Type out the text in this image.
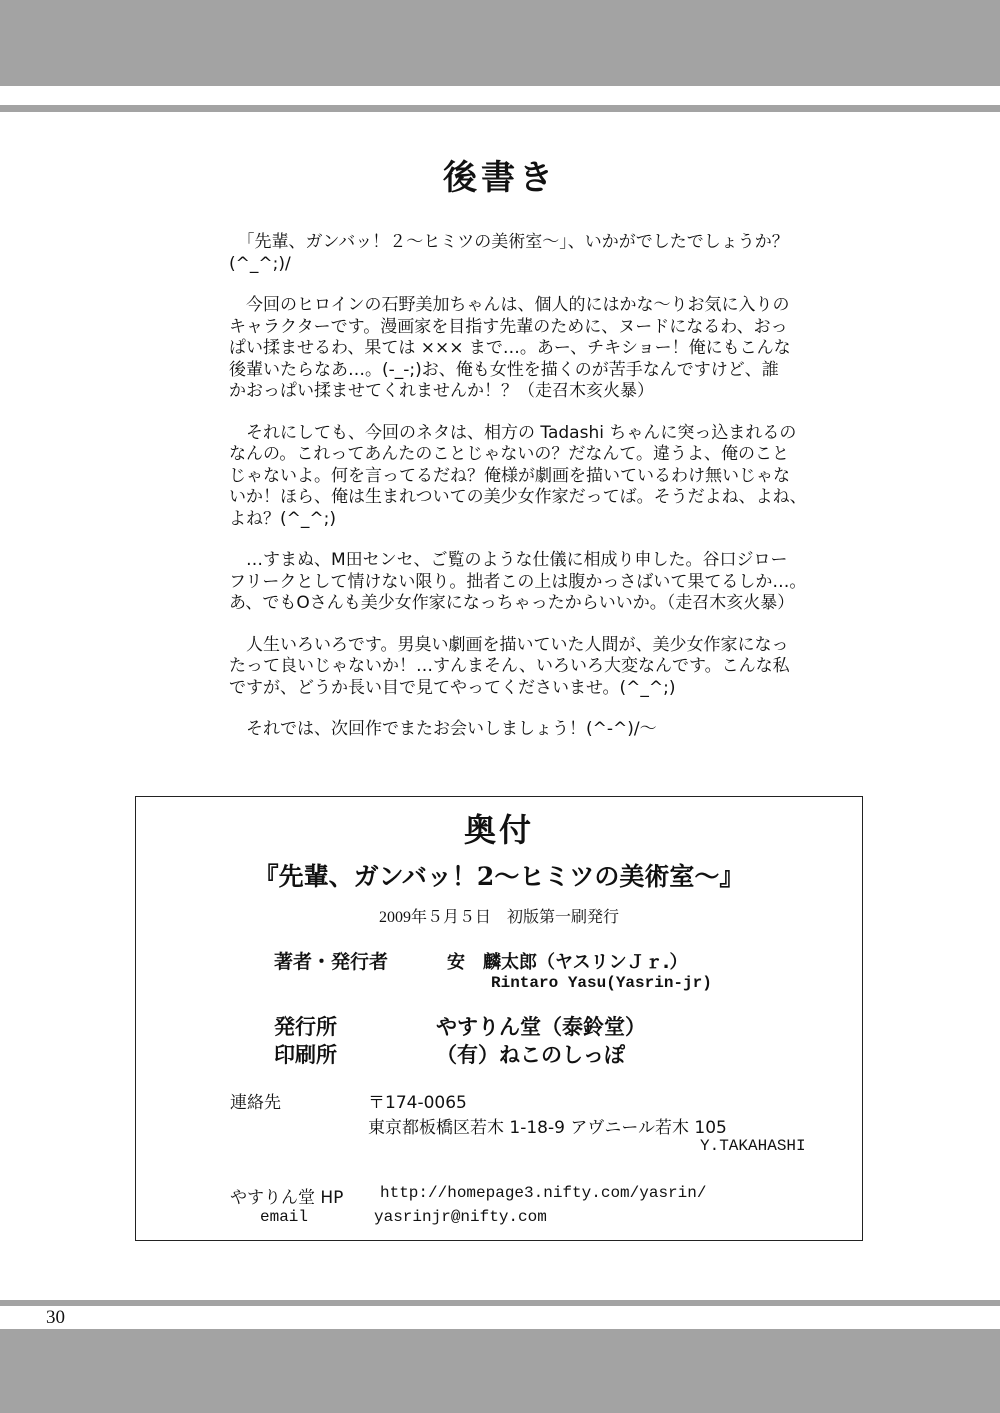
後書き

　「先輩、ガンバッ！２〜ヒミツの美術室〜」、いかがでしたでしょうか？
(^_^;)/

　今回のヒロインの石野美加ちゃんは、個人的にはかな〜りお気に入りの
キャラクターです。漫画家を目指す先輩のために、ヌードになるわ、おっ
ぱい揉ませるわ、果ては ××× まで…。あー、チキショー！俺にもこんな
後輩いたらなあ…。(-_-;)お、俺も女性を描くのが苦手なんですけど、誰
かおっぱい揉ませてくれませんか！？（走召木亥火暴）

　それにしても、今回のネタは、相方の Tadashi ちゃんに突っ込まれるの
なんの。これってあんたのことじゃないの？だなんて。違うよ、俺のこと
じゃないよ。何を言ってるだね？俺様が劇画を描いているわけ無いじゃな
いか！ほら、俺は生まれついての美少女作家だってば。そうだよね、よね、
よね？(^_^;)

　…すまぬ、M田センセ、ご覧のような仕儀に相成り申した。谷口ジロー
フリークとして情けない限り。拙者この上は腹かっさばいて果てるしか…。
あ、でもOさんも美少女作家になっちゃったからいいか。（走召木亥火暴）

　人生いろいろです。男臭い劇画を描いていた人間が、美少女作家になっ
たって良いじゃないか！…すんまそん、いろいろ大変なんです。こんな私
ですが、どうか長い目で見てやってくださいませ。(^_^;)

　それでは、次回作でまたお会いしましょう！(^-^)/〜

奥付
『先輩、ガンバッ！2〜ヒミツの美術室〜』
2009年５月５日　初版第一刷発行
著者・発行者	安　麟太郎（ヤスリンＪｒ.）
Rintaro Yasu(Yasrin-jr)
発行所	やすりん堂（泰鈴堂）
印刷所	（有）ねこのしっぽ
連絡先	〒174-0065
東京都板橋区若木 1-18-9 アヴニール若木 105
Y.TAKAHASHI
やすりん堂 HP http://homepage3.nifty.com/yasrin/
email	yasrinjr@nifty.com
30
